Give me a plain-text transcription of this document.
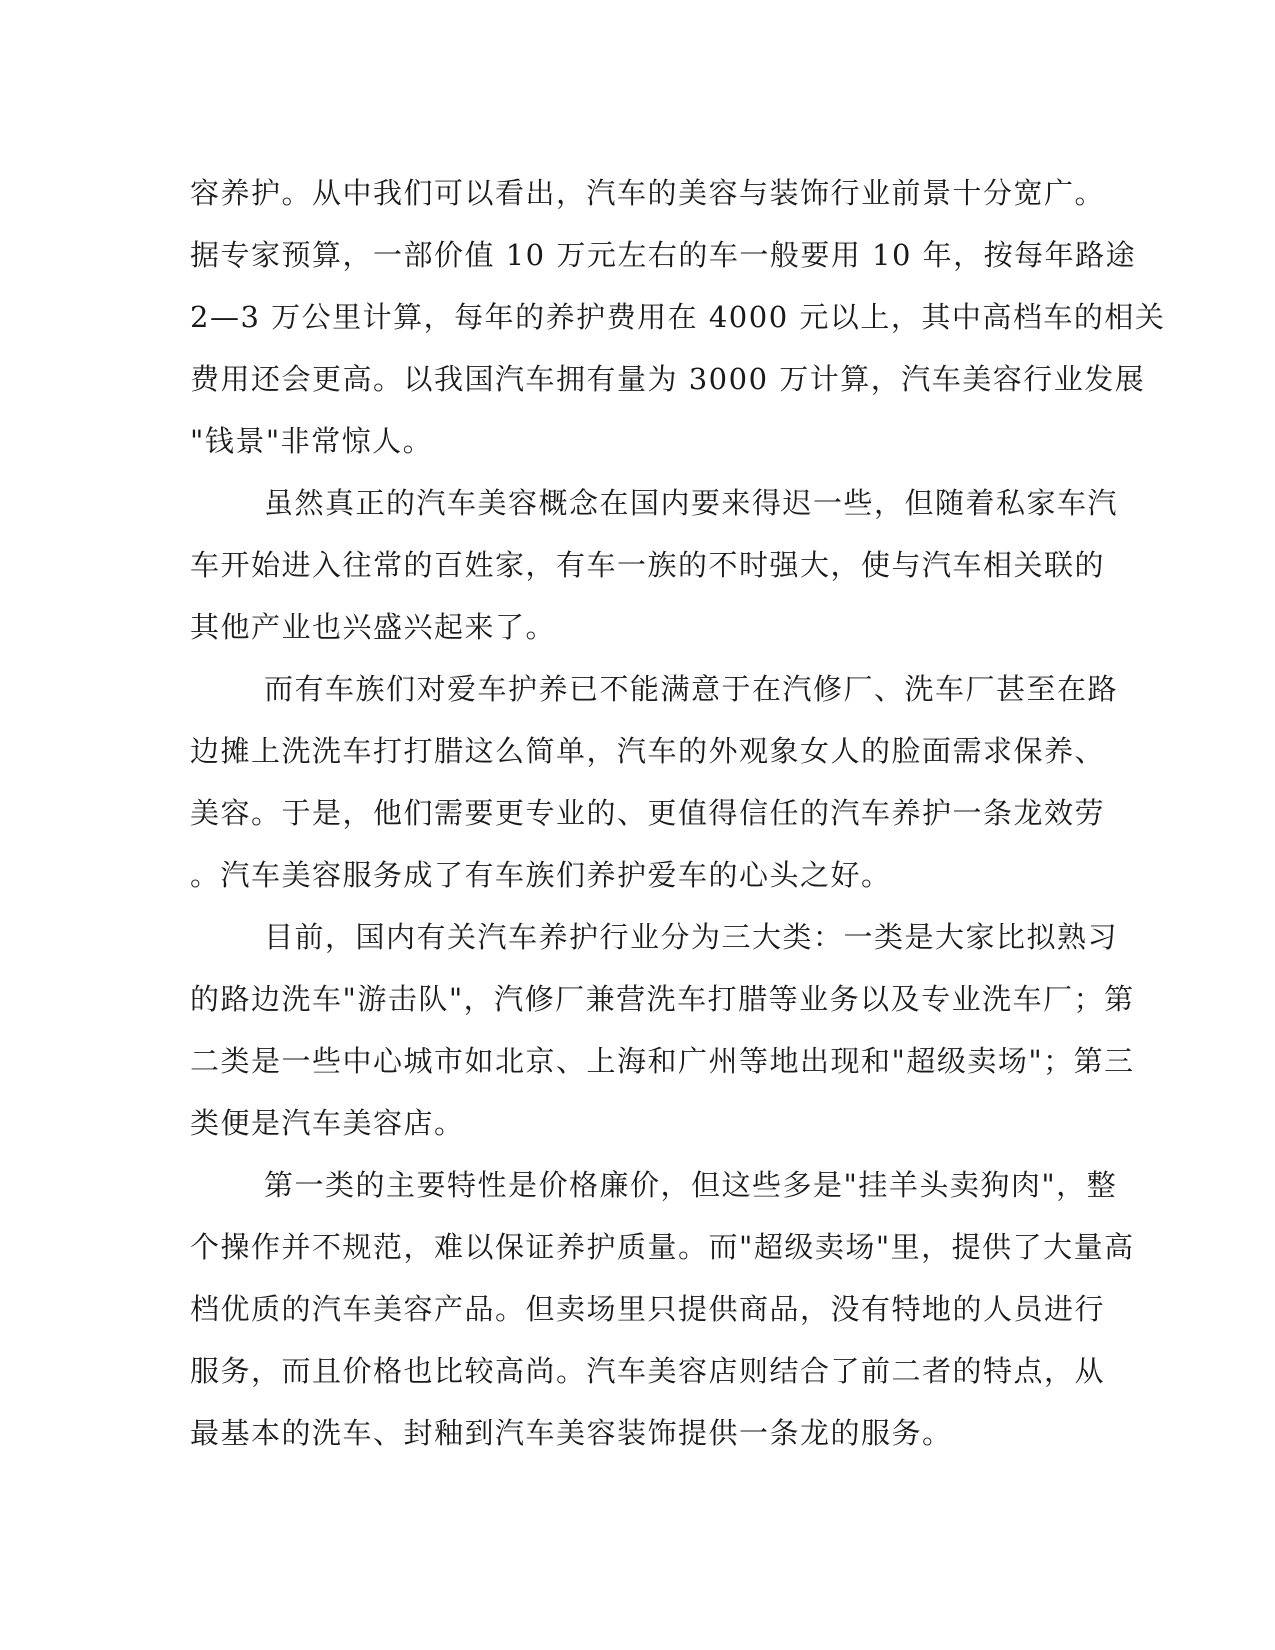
容养护。从中我们可以看出，汽车的美容与装饰行业前景十分宽广。
据专家预算，一部价值 10 万元左右的车一般要用 10 年，按每年路途
2—3 万公里计算，每年的养护费用在 4000 元以上，其中高档车的相关
费用还会更高。以我国汽车拥有量为 3000 万计算，汽车美容行业发展
"钱景"非常惊人。

虽然真正的汽车美容概念在国内要来得迟一些，但随着私家车汽
车开始进入往常的百姓家，有车一族的不时强大，使与汽车相关联的
其他产业也兴盛兴起来了。

而有车族们对爱车护养已不能满意于在汽修厂、洗车厂甚至在路
边摊上洗洗车打打腊这么简单，汽车的外观象女人的脸面需求保养、
美容。于是，他们需要更专业的、更值得信任的汽车养护一条龙效劳
。汽车美容服务成了有车族们养护爱车的心头之好。

目前，国内有关汽车养护行业分为三大类：一类是大家比拟熟习
的路边洗车"游击队"，汽修厂兼营洗车打腊等业务以及专业洗车厂；第
二类是一些中心城市如北京、上海和广州等地出现和"超级卖场"；第三
类便是汽车美容店。

第一类的主要特性是价格廉价，但这些多是"挂羊头卖狗肉"，整
个操作并不规范，难以保证养护质量。而"超级卖场"里，提供了大量高
档优质的汽车美容产品。但卖场里只提供商品，没有特地的人员进行
服务，而且价格也比较高尚。汽车美容店则结合了前二者的特点，从
最基本的洗车、封釉到汽车美容装饰提供一条龙的服务。
